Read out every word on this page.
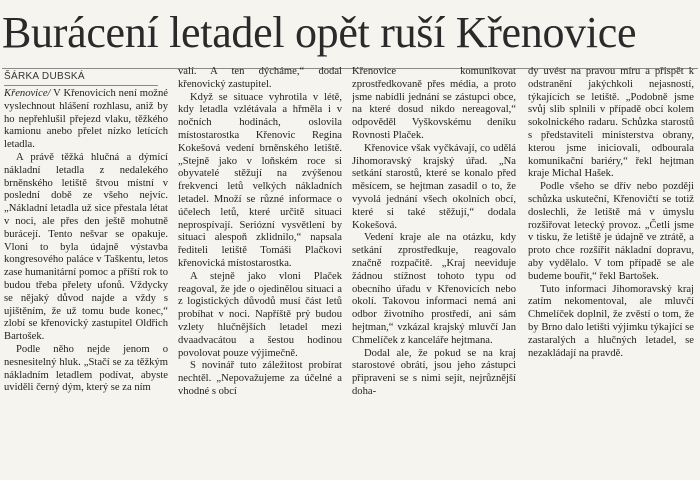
Burácení letadel opět ruší Křenovice
ŠÁRKA DUBSKÁ

Křenovice/ V Křenovicích není možné vyslechnout hlášení rozhlasu, aniž by ho nepřehlušil přejezd vlaku, těžkého kamionu anebo přelet nízko letících letadla.

A právě těžká hlučná a dýmící nákladní letadla z nedalekého brněnského letiště štvou místní v poslední době ze všeho nejvíc. „Nákladní letadla už sice přestala létat v noci, ale přes den ještě mohutně burácejí. Tento nešvar se opakuje. Vloni to byla údajně výstavba kongresového paláce v Taškentu, letos zase humanitární pomoc a příští rok to budou třeba přelety ufonů. Vždycky se nějaký důvod najde a vždy s ujištěním, že už tomu bude konec,“ zlobí se křenovický zastupitel Oldřich Bartošek.

Podle něho nejde jenom o nesnesitelný hluk. „Stačí se za těžkým nákladním letadlem podívat, abyste uviděli černý dým, který se za ním

valí. A ten dýcháme,“ dodal křenovický zastupitel.

Když se situace vyhrotila v létě, kdy letadla vzlétávala a hřměla i v nočních hodinách, oslovila místostarostka Křenovic Regina Kokešová vedení brněnského letiště. „Stejně jako v loňském roce si obyvatelé stěžují na zvýšenou frekvenci letů velkých nákladních letadel. Množí se různé informace o účelech letů, které určitě situaci neprospívají. Seriózní vysvětlení by situaci alespoň zklidnilo,“ napsala řediteli letiště Tomáši Plačkovi křenovická místostarostka.

A stejně jako vloni Plaček reagoval, že jde o ojedinělou situaci a z logistických důvodů musí část letů probíhat v noci. Napříště prý budou vzlety hlučnějších letadel mezi dvaadvacátou a šestou hodinou povolovat pouze výjimečně.

S novinář tuto záležitost probírat nechtěl. „Nepovažujeme za účelné a vhodné s obcí

Křenovice komunikovat zprostředkovaně přes média, a proto jsme nabídli jednání se zástupci obce, na které dosud nikdo nereagoval,“ odpověděl Vyškovskému deníku Rovnosti Plaček.

Křenovice však vyčkávají, co udělá Jihomoravský krajský úřad. „Na setkání starostů, které se konalo před měsícem, se hejtman zasadil o to, že vyvolá jednání všech okolních obcí, které si také stěžují,“ dodala Kokešová.

Vedení kraje ale na otázku, kdy setkání zprostředkuje, reagovalo značně rozpačitě. „Kraj neeviduje žádnou stížnost tohoto typu od obecního úřadu v Křenovicích nebo okolí. Takovou informaci nemá ani odbor životního prostředí, ani sám hejtman,“ vzkázal krajský mluvčí Jan Chmelíček z kanceláře hejtmana.

Dodal ale, že pokud se na kraj starostové obrátí, jsou jeho zástupci připraveni se s nimi sejít, nejrůznější doha-

dy uvést na pravou míru a přispět k odstranění jakýchkoli nejasností, týkajících se letiště. „Podobně jsme svůj slib splnili v případě obcí kolem sokolnického radaru. Schůzka starostů s představiteli ministerstva obrany, kterou jsme iniciovali, odbourala komunikační bariéry,“ řekl hejtman kraje Michal Hašek.

Podle všeho se dřív nebo později schůzka uskuteční, Křenovičtí se totiž doslechli, že letiště má v úmyslu rozšiřovat letecký provoz. „Četli jsme v tisku, že letiště je údajně ve ztrátě, a proto chce rozšířit nákladní dopravu, aby vydělalo. V tom případě se ale budeme bouřit,“ řekl Bartošek.

Tuto informaci Jihomoravský kraj zatím nekomentoval, ale mluvčí Chmelíček doplnil, že zvěstí o tom, že by Brno dalo letišti výjimku týkající se zastaralých a hlučných letadel, se nezakládají na pravdě.
